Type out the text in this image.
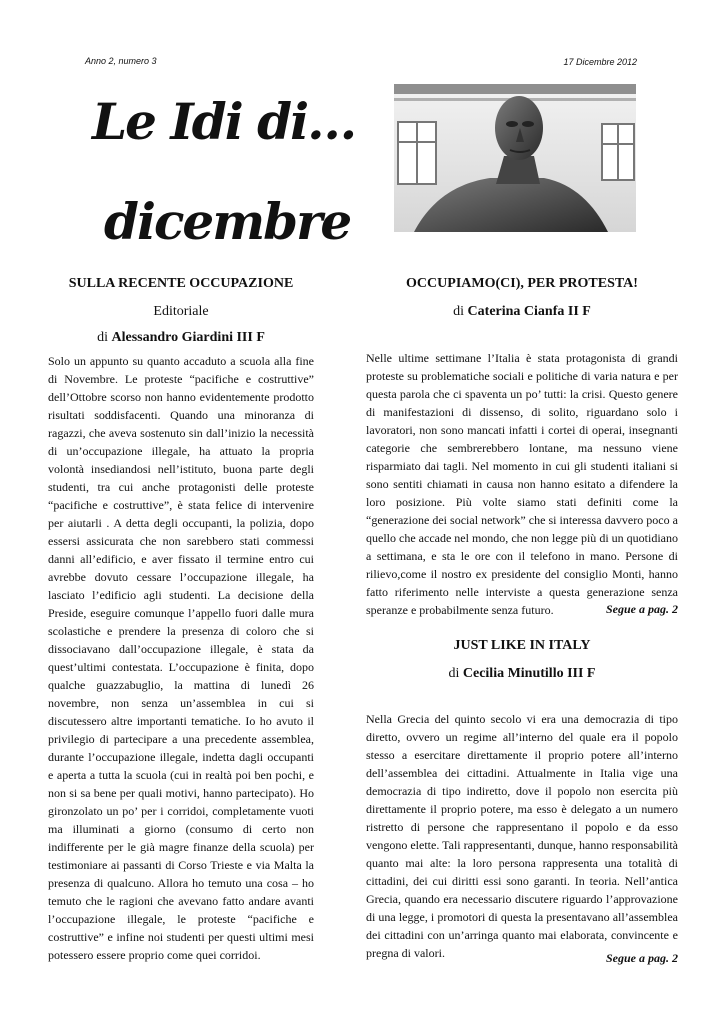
Anno 2, numero 3	17 Dicembre 2012
Le Idi di…
dicembre
SULLA RECENTE OCCUPAZIONE
Editoriale
di Alessandro Giardini III F

Solo un appunto su quanto accaduto a scuola alla fine di Novembre. Le proteste “pacifiche e costruttive” dell’Ottobre scorso non hanno evidentemente prodotto risultati soddisfacenti. Quando una minoranza di ragazzi, che aveva sostenuto sin dall’inizio la necessità di un’occupazione illegale, ha attuato la propria volontà insediandosi nell’istituto, buona parte degli studenti, tra cui anche protagonisti delle proteste “pacifiche e costruttive”, è stata felice di intervenire per aiutarli . A detta degli occupanti, la polizia, dopo essersi assicurata che non sarebbero stati commessi danni all’edificio, e aver fissato il termine entro cui avrebbe dovuto cessare l’occupazione illegale, ha lasciato l’edificio agli studenti. La decisione della Preside, eseguire comunque l’appello fuori dalle mura scolastiche e prendere la presenza di coloro che si dissociavano dall’occupazione illegale, è stata da quest’ultimi contestata. L’occupazione è finita, dopo qualche guazzabuglio, la mattina di lunedì 26 novembre, non senza un’assemblea in cui si discutessero altre importanti tematiche. Io ho avuto il privilegio di partecipare a una precedente assemblea, durante l’occupazione illegale, indetta dagli occupanti e aperta a tutta la scuola (cui in realtà poi ben pochi, e non si sa bene per quali motivi, hanno partecipato). Ho gironzolato un po’ per i corridoi, completamente vuoti ma illuminati a giorno (consumo di certo non indifferente per le già magre finanze della scuola) per testimoniare ai passanti di Corso Trieste e via Malta la presenza di qualcuno. Allora ho temuto una cosa – ho temuto che le ragioni che avevano fatto andare avanti l’occupazione illegale, le proteste “pacifiche e costruttive” e infine noi studenti per questi ultimi mesi potessero essere proprio come quei corridoi.

OCCUPIAMO(CI), PER PROTESTA!
di Caterina Cianfa II F

Nelle ultime settimane l’Italia è stata protagonista di grandi proteste su problematiche sociali e politiche di varia natura e per questa parola che ci spaventa un po’ tutti: la crisi. Questo genere di manifestazioni di dissenso, di solito, riguardano solo i lavoratori, non sono mancati infatti i cortei di operai, insegnanti categorie che sembrerebbero lontane, ma nessuno viene risparmiato dai tagli. Nel momento in cui gli studenti italiani si sono sentiti chiamati in causa non hanno esitato a difendere la loro posizione. Più volte siamo stati definiti come la “generazione dei social network” che si interessa davvero poco a quello che accade nel mondo, che non legge più di un quotidiano a settimana, e sta le ore con il telefono in mano. Persone di rilievo,come il nostro ex presidente del consiglio Monti, hanno fatto riferimento nelle interviste a questa generazione senza speranze e probabilmente senza futuro.	Segue a pag. 2
JUST LIKE IN ITALY
di Cecilia Minutillo III F

Nella Grecia del quinto secolo vi era una democrazia di tipo diretto, ovvero un regime all’interno del quale era il popolo stesso a esercitare direttamente il proprio potere all’interno dell’assemblea dei cittadini. Attualmente in Italia vige una democrazia di tipo indiretto, dove il popolo non esercita più direttamente il proprio potere, ma esso è delegato a un numero ristretto di persone che rappresentano il popolo e da esso vengono elette. Tali rappresentanti, dunque, hanno responsabilità quanto mai alte: la loro persona rappresenta una totalità di cittadini, dei cui diritti essi sono garanti. In teoria. Nell’antica Grecia, quando era necessario discutere riguardo l’approvazione di una legge, i promotori di questa la presentavano all’assemblea dei cittadini con un’arringa quanto mai elaborata, convincente e pregna di valori.	Segue a pag. 2
